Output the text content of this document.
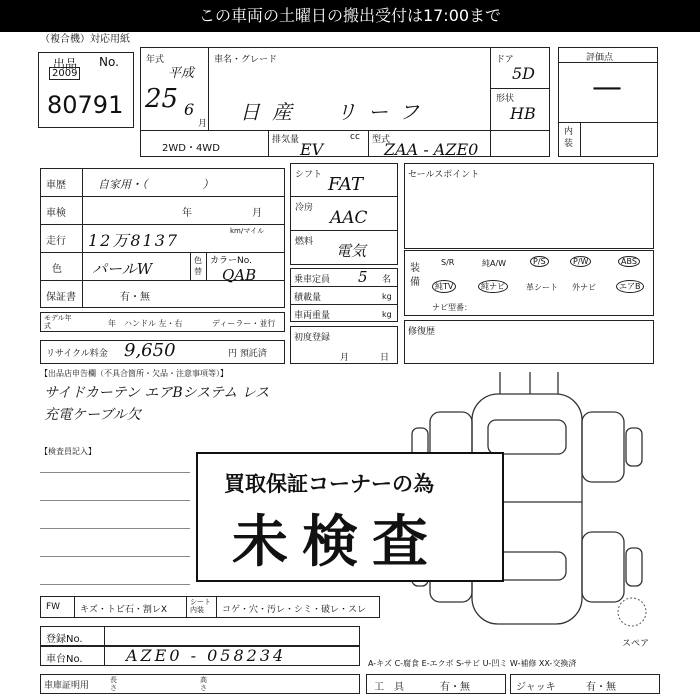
この車両の土曜日の搬出受付は17:00まで
（複合機）対応用紙
出品 No.
2009
80791
年式
平成
25 6
月
車名・グレード
日産　リーフ
ドア
5D
形状
HB
2WD・4WD
排気量	cc
EV	型式
ZAA - AZE0
評価点
—
内装
車歴	自家用・（　　　　　）
車検	年	月
走行 12万8137	km/マイル
色 パールW	色替
カラーNo.
QAB
保証書	有・無
モデル年式	年 ハンドル 左・右	ディーラー・並行
リサイクル料金 9,650	円 預託済
シフト FAT
冷房 AAC
燃料 電気
乗車定員 5 名
積載量	kg
車両重量	kg
初度登録
月	日
セールスポイント
装備
S/R	純A/W	P/S	P/W	ABS
純TV	純ナビ	革シート 外ナビ	エアB
ナビ型番：
修復歴
【出品店申告欄（不具合箇所・欠品・注意事項等）】
サイドカーテン エアBシステム レス
充電ケーブル欠
【検査員記入】
スペア
買取保証コーナーの為
未検査
FW キズ・トビ石・割レX
シート内装	コゲ・穴・汚レ・シミ・破レ・スレ
登録No.
車台No.	AZE0 - 058234
車庫証明用
長さ
高さ
A-キズ C-腐食 E-エクボ S-サビ U-凹ミ W-補修 XX-交換済
工　具	有・無	ジャッキ	有・無
